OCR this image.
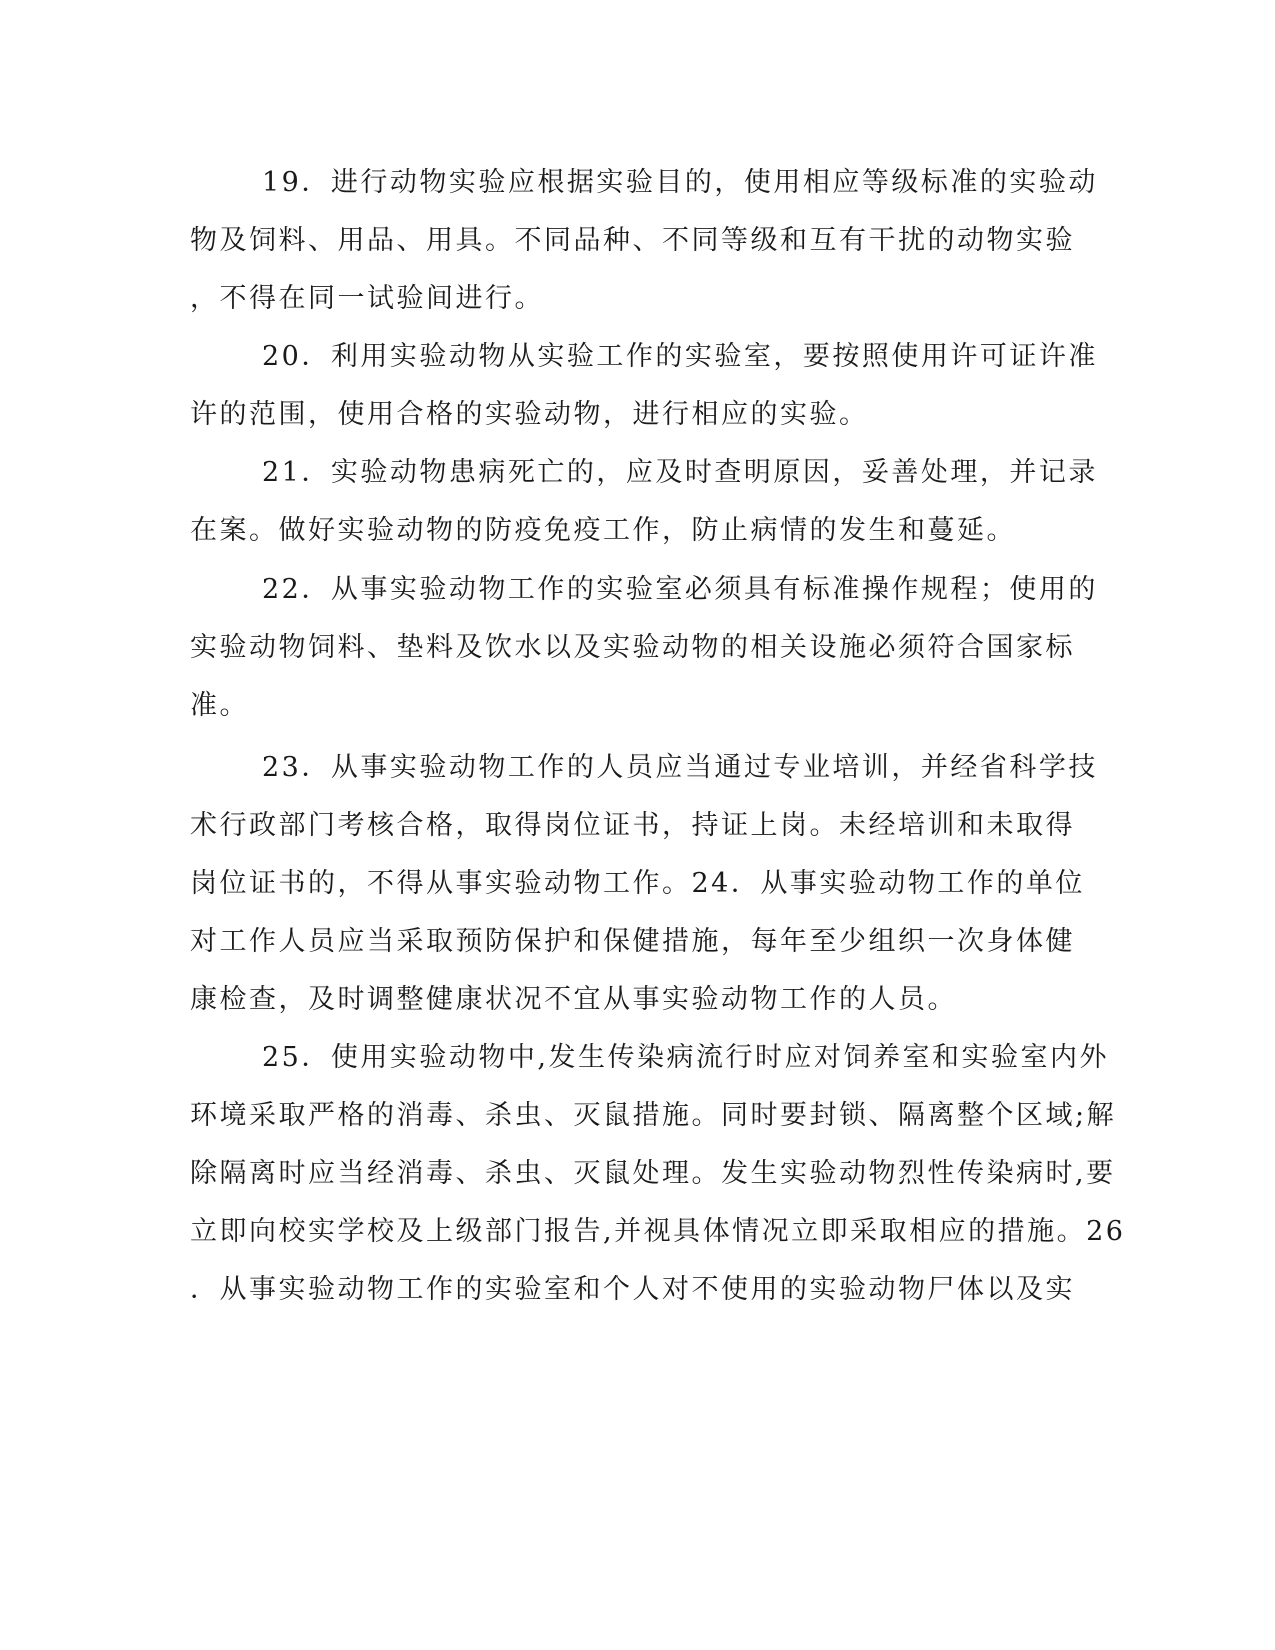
19．进行动物实验应根据实验目的，使用相应等级标准的实验动
物及饲料、用品、用具。不同品种、不同等级和互有干扰的动物实验
，不得在同一试验间进行。
20．利用实验动物从实验工作的实验室，要按照使用许可证许准
许的范围，使用合格的实验动物，进行相应的实验。
21．实验动物患病死亡的，应及时查明原因，妥善处理，并记录
在案。做好实验动物的防疫免疫工作，防止病情的发生和蔓延。
22．从事实验动物工作的实验室必须具有标准操作规程；使用的
实验动物饲料、垫料及饮水以及实验动物的相关设施必须符合国家标
准。
23．从事实验动物工作的人员应当通过专业培训，并经省科学技
术行政部门考核合格，取得岗位证书，持证上岗。未经培训和未取得
岗位证书的，不得从事实验动物工作。24．从事实验动物工作的单位
对工作人员应当采取预防保护和保健措施，每年至少组织一次身体健
康检查，及时调整健康状况不宜从事实验动物工作的人员。
25．使用实验动物中,发生传染病流行时应对饲养室和实验室内外
环境采取严格的消毒、杀虫、灭鼠措施。同时要封锁、隔离整个区域;解
除隔离时应当经消毒、杀虫、灭鼠处理。发生实验动物烈性传染病时,要
立即向校实学校及上级部门报告,并视具体情况立即采取相应的措施。26
．从事实验动物工作的实验室和个人对不使用的实验动物尸体以及实
